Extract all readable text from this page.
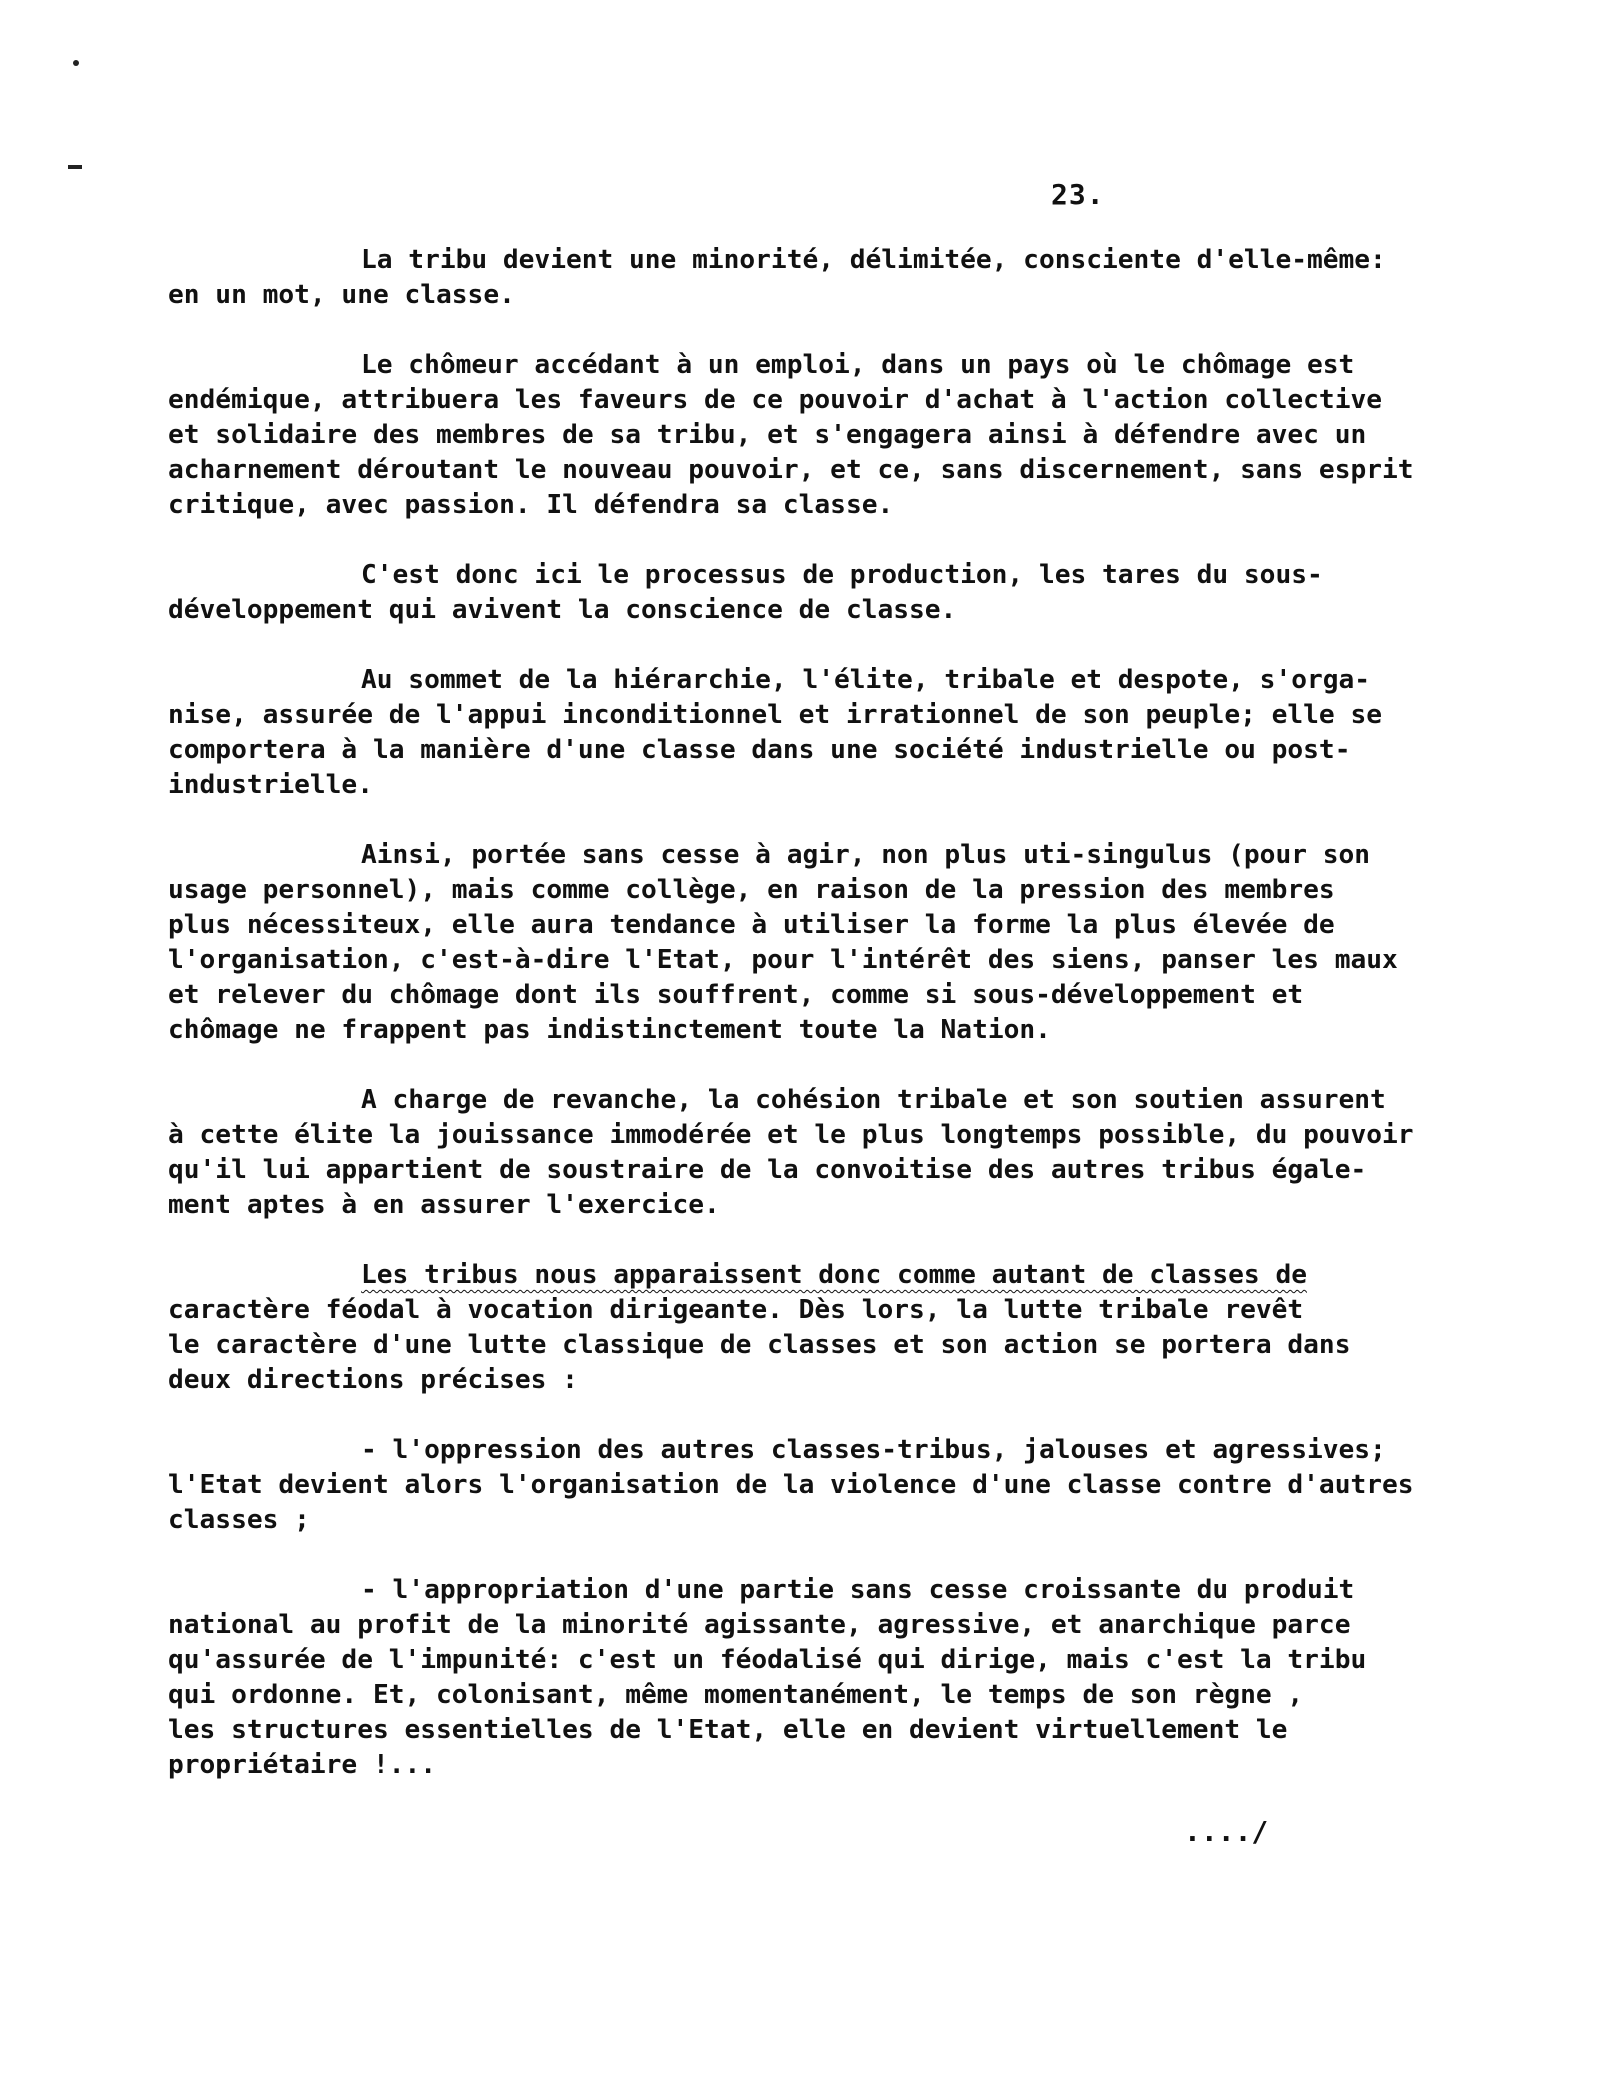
23.
La tribu devient une minorité, délimitée, consciente d'elle-même:
en un mot, une classe.
Le chômeur accédant à un emploi, dans un pays où le chômage est
endémique, attribuera les faveurs de ce pouvoir d'achat à l'action collective
et solidaire des membres de sa tribu, et s'engagera ainsi à défendre avec un
acharnement déroutant le nouveau pouvoir, et ce, sans discernement, sans esprit
critique, avec passion. Il défendra sa classe.
C'est donc ici le processus de production, les tares du sous-
développement qui avivent la conscience de classe.
Au sommet de la hiérarchie, l'élite, tribale et despote, s'orga-
nise, assurée de l'appui inconditionnel et irrationnel de son peuple; elle se
comportera à la manière d'une classe dans une société industrielle ou post-
industrielle.
Ainsi, portée sans cesse à agir, non plus uti-singulus (pour son
usage personnel), mais comme collège, en raison de la pression des membres
plus nécessiteux, elle aura tendance à utiliser la forme la plus élevée de
l'organisation, c'est-à-dire l'Etat, pour l'intérêt des siens, panser les maux
et relever du chômage dont ils souffrent, comme si sous-développement et
chômage ne frappent pas indistinctement toute la Nation.
A charge de revanche, la cohésion tribale et son soutien assurent
à cette élite la jouissance immodérée et le plus longtemps possible, du pouvoir
qu'il lui appartient de soustraire de la convoitise des autres tribus égale-
ment aptes à en assurer l'exercice.
Les tribus nous apparaissent donc comme autant de classes de
caractère féodal à vocation dirigeante. Dès lors, la lutte tribale revêt
le caractère d'une lutte classique de classes et son action se portera dans
deux directions précises :
- l'oppression des autres classes-tribus, jalouses et agressives;
l'Etat devient alors l'organisation de la violence d'une classe contre d'autres
classes ;
- l'appropriation d'une partie sans cesse croissante du produit
national au profit de la minorité agissante, agressive, et anarchique parce
qu'assurée de l'impunité: c'est un féodalisé qui dirige, mais c'est la tribu
qui ordonne. Et, colonisant, même momentanément, le temps de son règne ,
les structures essentielles de l'Etat, elle en devient virtuellement le
propriétaire !...
..../
